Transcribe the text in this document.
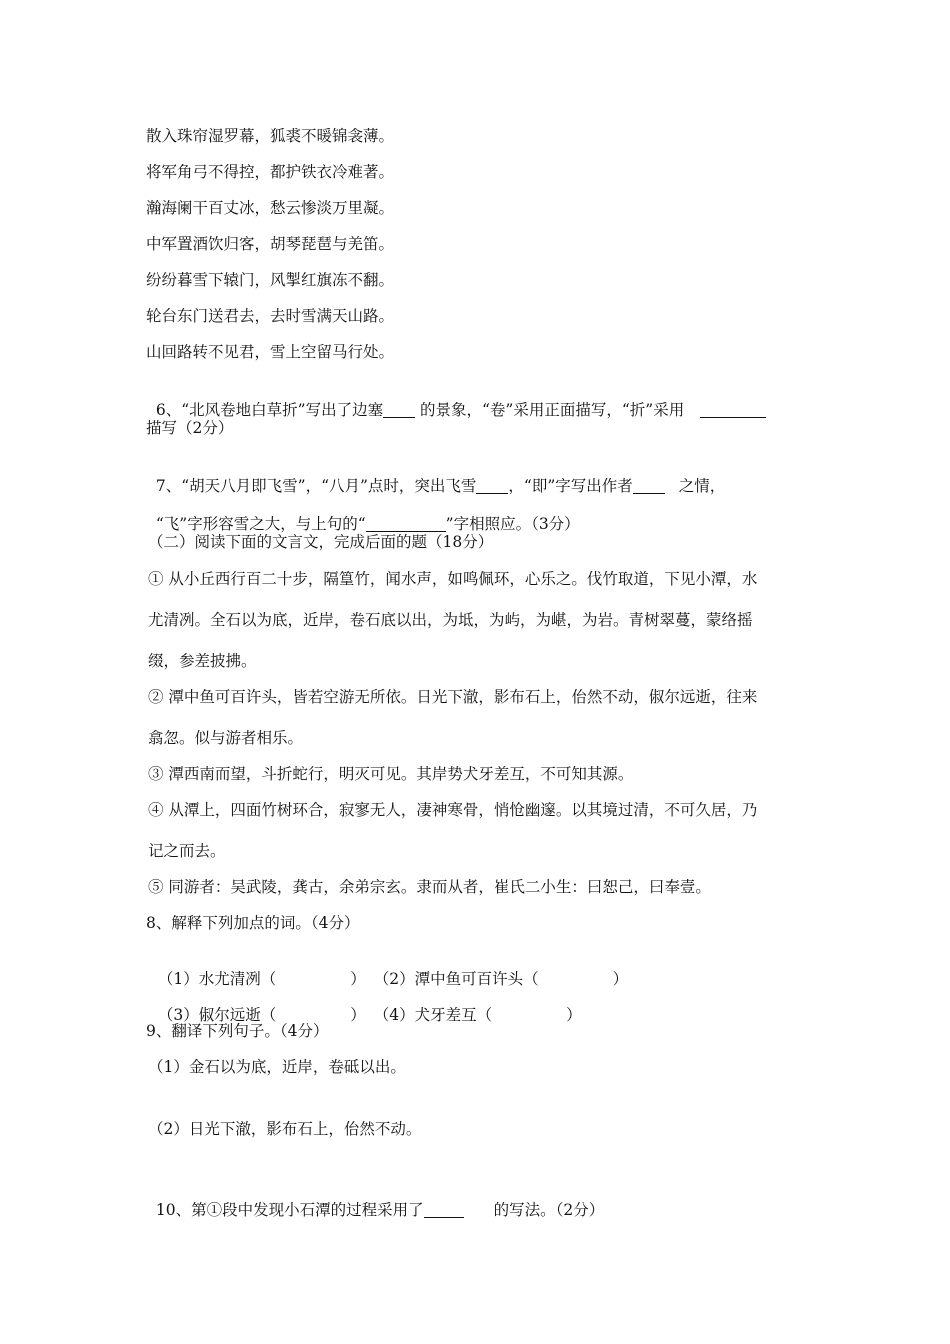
散入珠帘湿罗幕，狐裘不暖锦衾薄。
将军角弓不得控，都护铁衣冷难著。
瀚海阑干百丈冰，愁云惨淡万里凝。
中军置酒饮归客，胡琴琵琶与羌笛。
纷纷暮雪下辕门，风掣红旗冻不翻。
轮台东门送君去，去时雪满天山路。
山回路转不见君，雪上空留马行处。

6、“北风卷地白草折”写出了边塞 的景象，“卷”采用正面描写，“折”采用

描写（2分）

7、“胡天八月即飞雪”，“八月”点时，突出飞雪 ，“即”字写出作者	之情，

“飞”字形容雪之大，与上句的“	”字相照应。（3分）

（二）阅读下面的文言文，完成后面的题（18分）
① 从小丘西行百二十步，隔篁竹，闻水声，如鸣佩环，心乐之。伐竹取道，下见小潭，水
尤清冽。全石以为底，近岸，卷石底以出，为坻，为屿，为嵁，为岩。青树翠蔓，蒙络摇
缀，参差披拂。
② 潭中鱼可百许头，皆若空游无所依。日光下澈，影布石上，佁然不动，俶尔远逝，往来
翕忽。似与游者相乐。
③ 潭西南而望，斗折蛇行，明灭可见。其岸势犬牙差互，不可知其源。
④ 从潭上，四面竹树环合，寂寥无人，凄神寒骨，悄怆幽邃。以其境过清，不可久居，乃
记之而去。
⑤ 同游者：吴武陵，龚古，余弟宗玄。隶而从者，崔氏二小生：曰恕己，曰奉壹。
8、解释下列加点的词。（4分）

（1）水尤清冽（	） （2）潭中鱼可百许头（	）

（3）俶尔远逝（	） （4）犬牙差互（	）

9、翻译下列句子。（4分）
（1）金石以为底，近岸，卷砥以出。
（2）日光下澈，影布石上，佁然不动。

10、第①段中发现小石潭的过程采用了	的写法。（2分）
